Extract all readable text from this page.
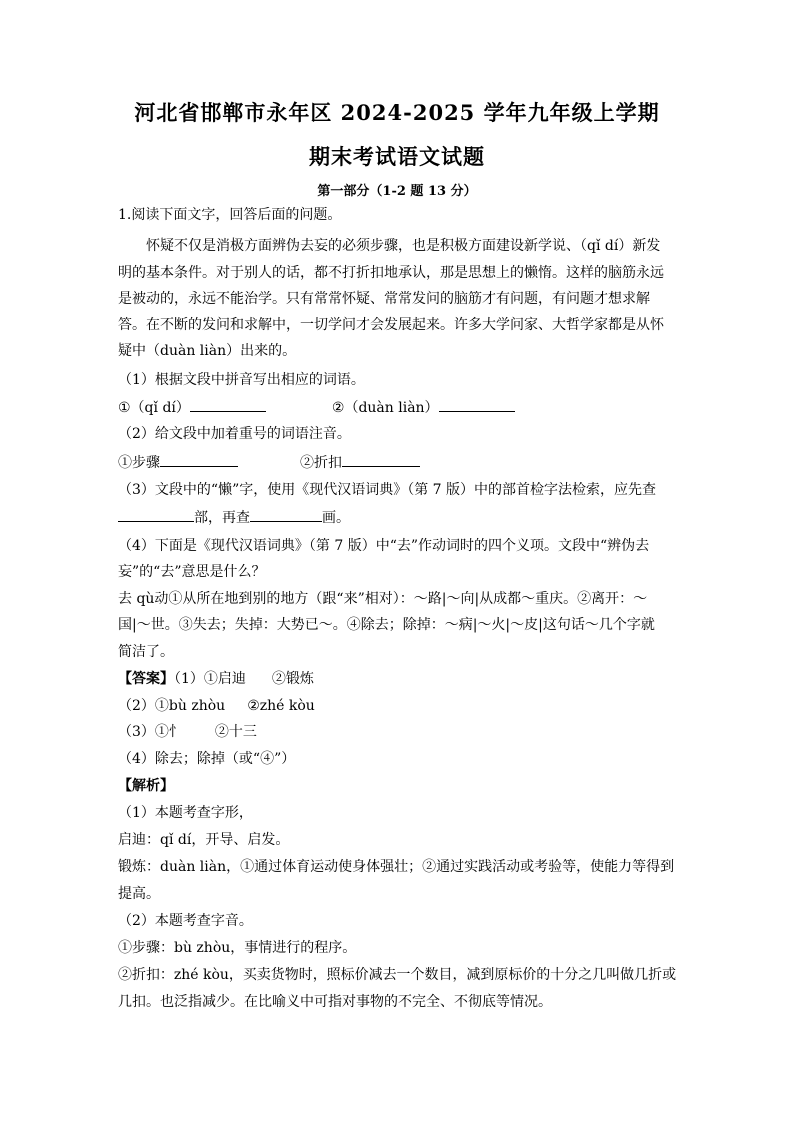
河北省邯郸市永年区 2024-2025 学年九年级上学期
期末考试语文试题
第一部分（1-2 题 13 分）
1.阅读下面文字，回答后面的问题。
怀疑不仅是消极方面辨伪去妄的必须步骤，也是积极方面建设新学说、（qǐ dí）新发
明的基本条件。对于别人的话，都不打折扣地承认，那是思想上的懒惰。这样的脑筋永远
是被动的，永远不能治学。只有常常怀疑、常常发问的脑筋才有问题，有问题才想求解
答。在不断的发问和求解中，一切学问才会发展起来。许多大学问家、大哲学家都是从怀
疑中（duàn liàn）出来的。
（1）根据文段中拼音写出相应的词语。
①（qǐ dí）	②（duàn liàn）
（2）给文段中加着重号的词语注音。
①步骤	②折扣
（3）文段中的“懒”字，使用《现代汉语词典》（第 7 版）中的部首检字法检索，应先查
部，再查	画。
（4）下面是《现代汉语词典》（第 7 版）中“去”作动词时的四个义项。文段中“辨伪去
妄”的“去”意思是什么？
去 qù动①从所在地到别的地方（跟“来”相对）：～路|～向|从成都～重庆。②离开：～
国|～世。③失去；失掉：大势已～。④除去；除掉：～病|～火|～皮|这句话～几个字就
简洁了。
【答案】（1）①启迪 ②锻炼
（2）①bù zhòu ②zhé kòu
（3）①忄 ②十三
（4）除去；除掉（或“④”）
【解析】
（1）本题考查字形，
启迪：qǐ dí，开导、启发。
锻炼：duàn liàn，①通过体育运动使身体强壮；②通过实践活动或考验等，使能力等得到
提高。
（2）本题考查字音。
①步骤：bù zhòu，事情进行的程序。
②折扣：zhé kòu，买卖货物时，照标价减去一个数目，减到原标价的十分之几叫做几折或
几扣。也泛指减少。在比喻义中可指对事物的不完全、不彻底等情况。
